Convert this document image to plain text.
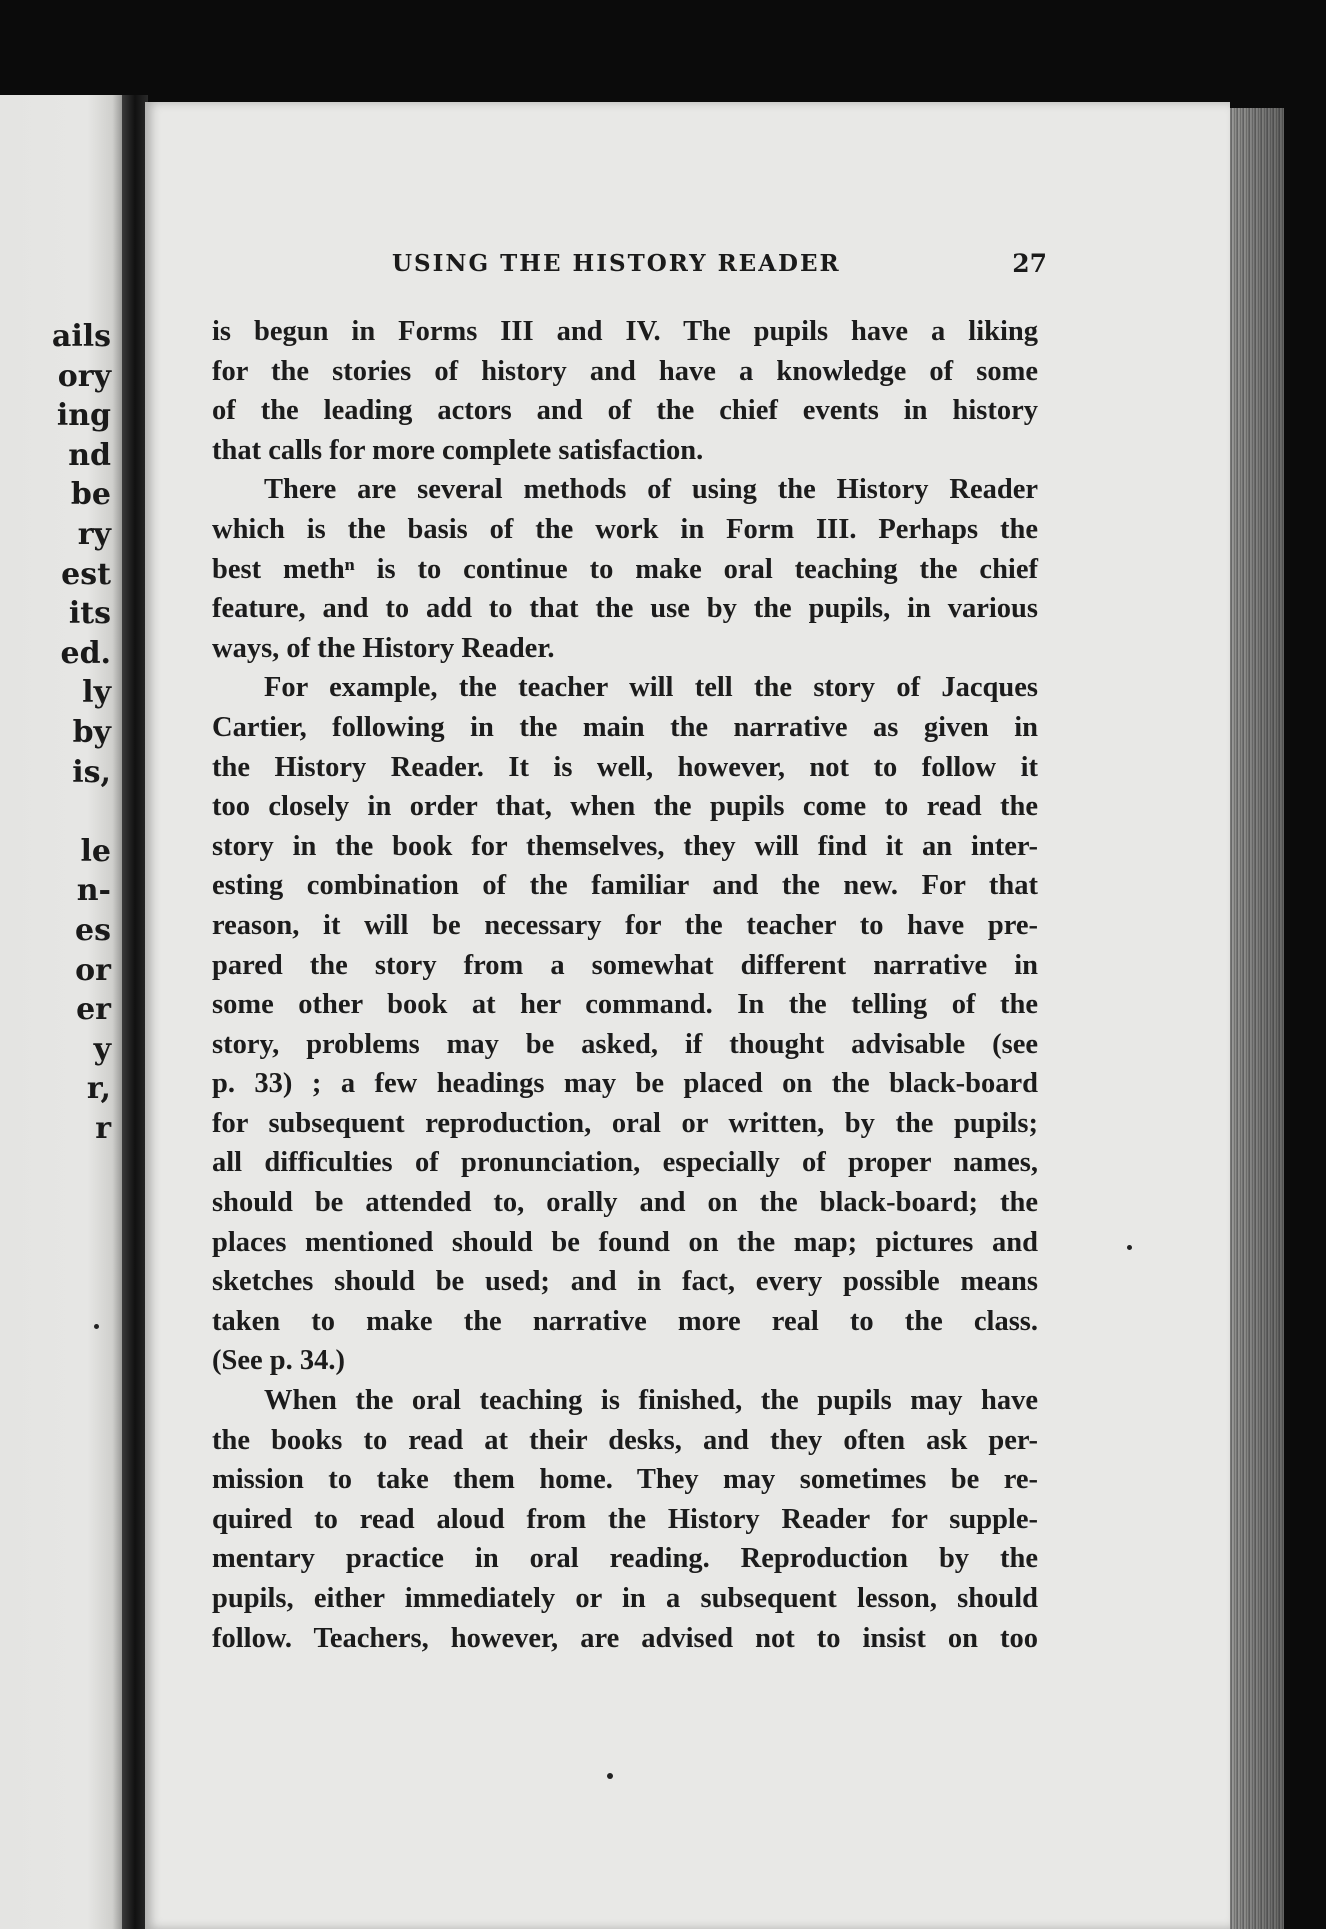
ails
ory
ing
nd
be
ry
est
its
ed.
ly
by
is,
le
n-
es
or
er
y
r,
r
USING THE HISTORY READER	27
is begun in Forms III and IV. The pupils have a liking
for the stories of history and have a knowledge of some
of the leading actors and of the chief events in history
that calls for more complete satisfaction.
There are several methods of using the History Reader
which is the basis of the work in Form III. Perhaps the
best methⁿ is to continue to make oral teaching the chief
feature, and to add to that the use by the pupils, in various
ways, of the History Reader.
For example, the teacher will tell the story of Jacques
Cartier, following in the main the narrative as given in
the History Reader. It is well, however, not to follow it
too closely in order that, when the pupils come to read the
story in the book for themselves, they will find it an inter-
esting combination of the familiar and the new. For that
reason, it will be necessary for the teacher to have pre-
pared the story from a somewhat different narrative in
some other book at her command. In the telling of the
story, problems may be asked, if thought advisable (see
p. 33) ; a few headings may be placed on the black-board
for subsequent reproduction, oral or written, by the pupils;
all difficulties of pronunciation, especially of proper names,
should be attended to, orally and on the black-board; the
places mentioned should be found on the map; pictures and
sketches should be used; and in fact, every possible means
taken to make the narrative more real to the class.
(See p. 34.)
When the oral teaching is finished, the pupils may have
the books to read at their desks, and they often ask per-
mission to take them home. They may sometimes be re-
quired to read aloud from the History Reader for supple-
mentary practice in oral reading. Reproduction by the
pupils, either immediately or in a subsequent lesson, should
follow. Teachers, however, are advised not to insist on too
